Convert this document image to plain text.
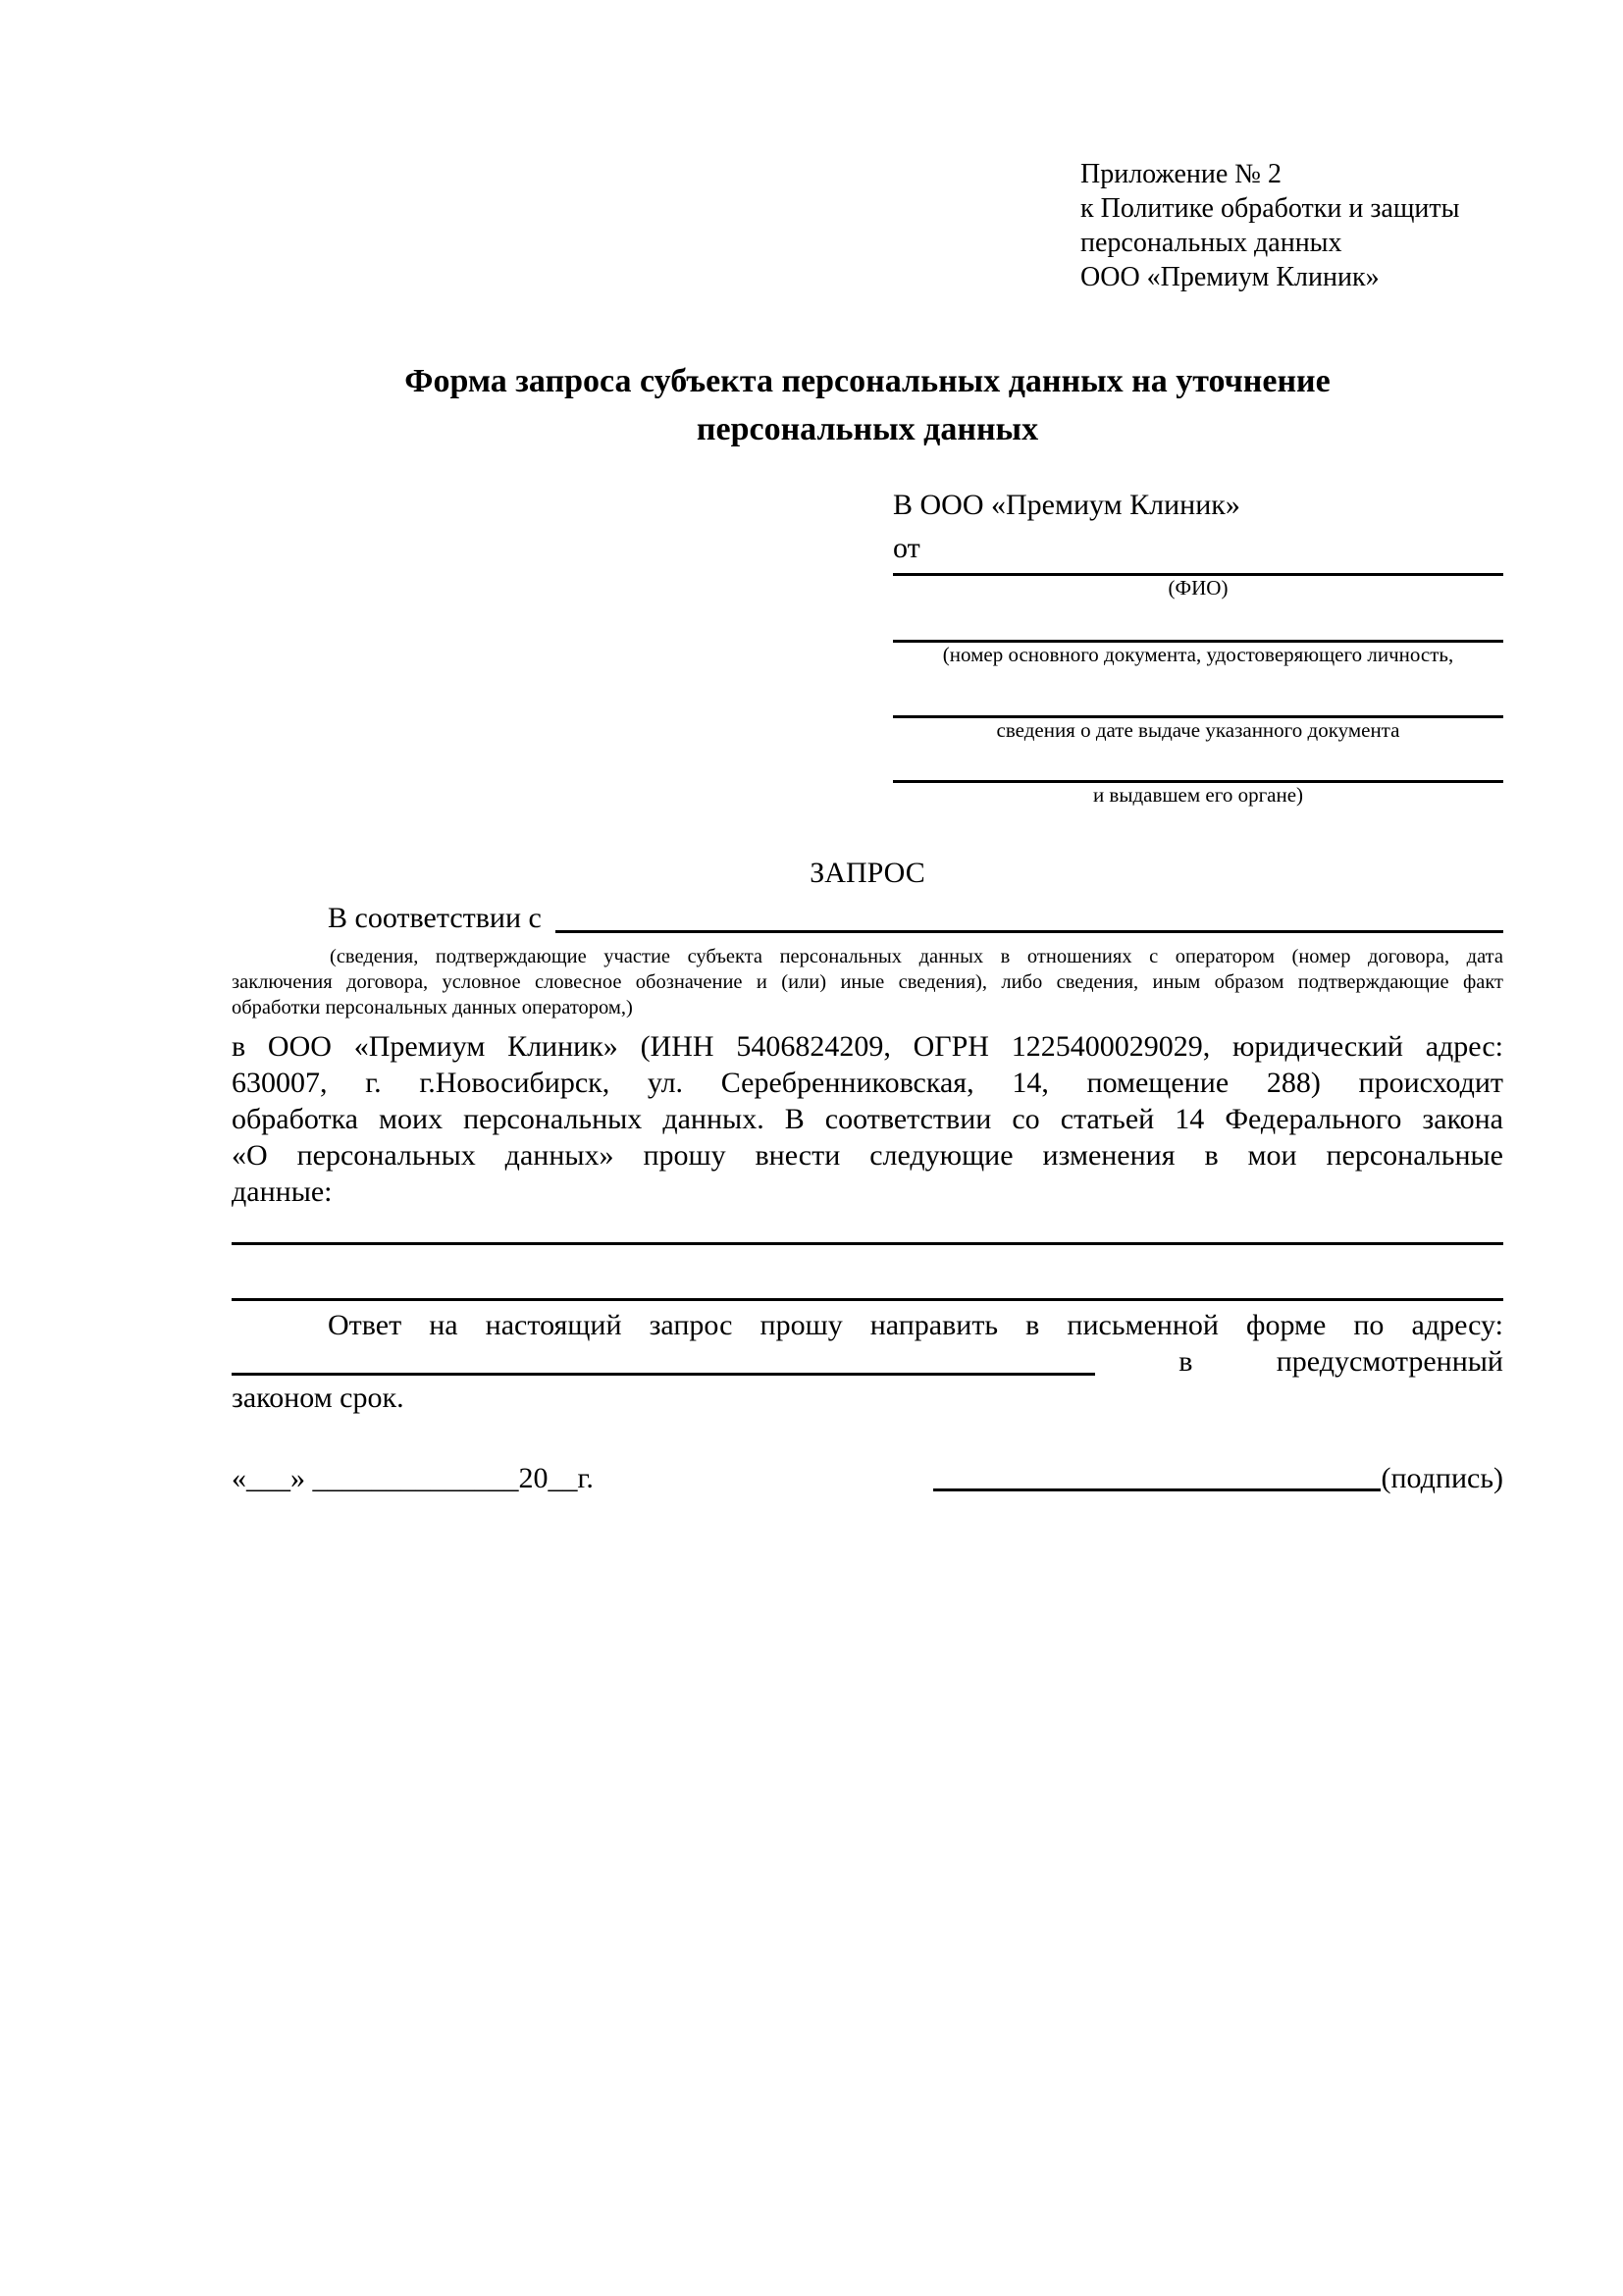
Приложение № 2
к Политике обработки и защиты
персональных данных
ООО «Премиум Клиник»
Форма запроса субъекта персональных данных на уточнение
персональных данных
В ООО «Премиум Клиник»
от
(ФИО)
(номер основного документа, удостоверяющего личность,
сведения о дате выдаче указанного документа
и выдавшем его органе)
ЗАПРОС
В соответствии с
(сведения, подтверждающие участие субъекта персональных данных в отношениях с оператором (номер договора, дата
заключения договора, условное словесное обозначение и (или) иные сведения), либо сведения, иным образом подтверждающие факт
обработки персональных данных оператором,)
в ООО «Премиум Клиник» (ИНН 5406824209, ОГРН 1225400029029, юридический адрес:
630007, г. г.Новосибирск, ул. Серебренниковская, 14, помещение 288) происходит
обработка моих персональных данных. В соответствии со статьей 14 Федерального закона
«О персональных данных» прошу внести следующие изменения в мои персональные
данные:
Ответ на настоящий запрос прошу направить в письменной форме по адресу:
в	предусмотренный
законом срок.
«___» ______________20__г.	(подпись)
